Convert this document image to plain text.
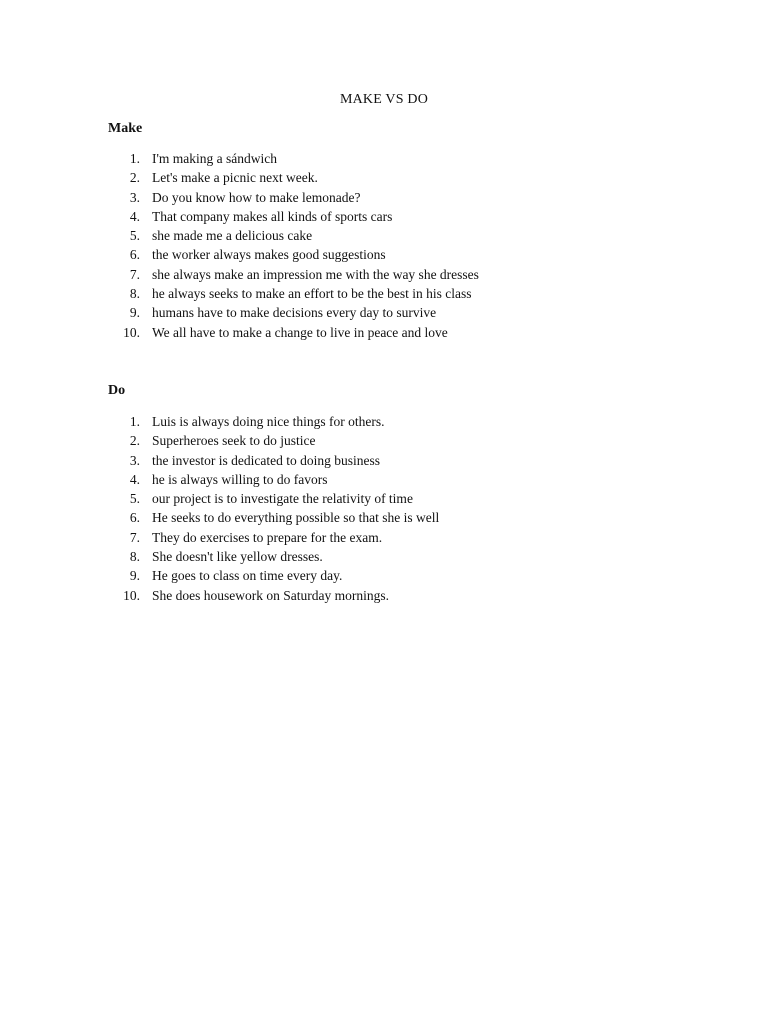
MAKE VS DO
Make
1. I'm making a sándwich
2. Let's make a picnic next week.
3. Do you know how to make lemonade?
4. That company makes all kinds of sports cars
5. she made me a delicious cake
6. the worker always makes good suggestions
7. she always make an impression me with the way she dresses
8. he always seeks to make an effort to be the best in his class
9. humans have to make decisions every day to survive
10. We all have to make a change to live in peace and love
Do
1. Luis is always doing nice things for others.
2. Superheroes seek to do justice
3. the investor is dedicated to doing business
4. he is always willing to do favors
5. our project is to investigate the relativity of time
6. He seeks to do everything possible so that she is well
7. They do exercises to prepare for the exam.
8. She doesn't like yellow dresses.
9. He goes to class on time every day.
10. She does housework on Saturday mornings.
